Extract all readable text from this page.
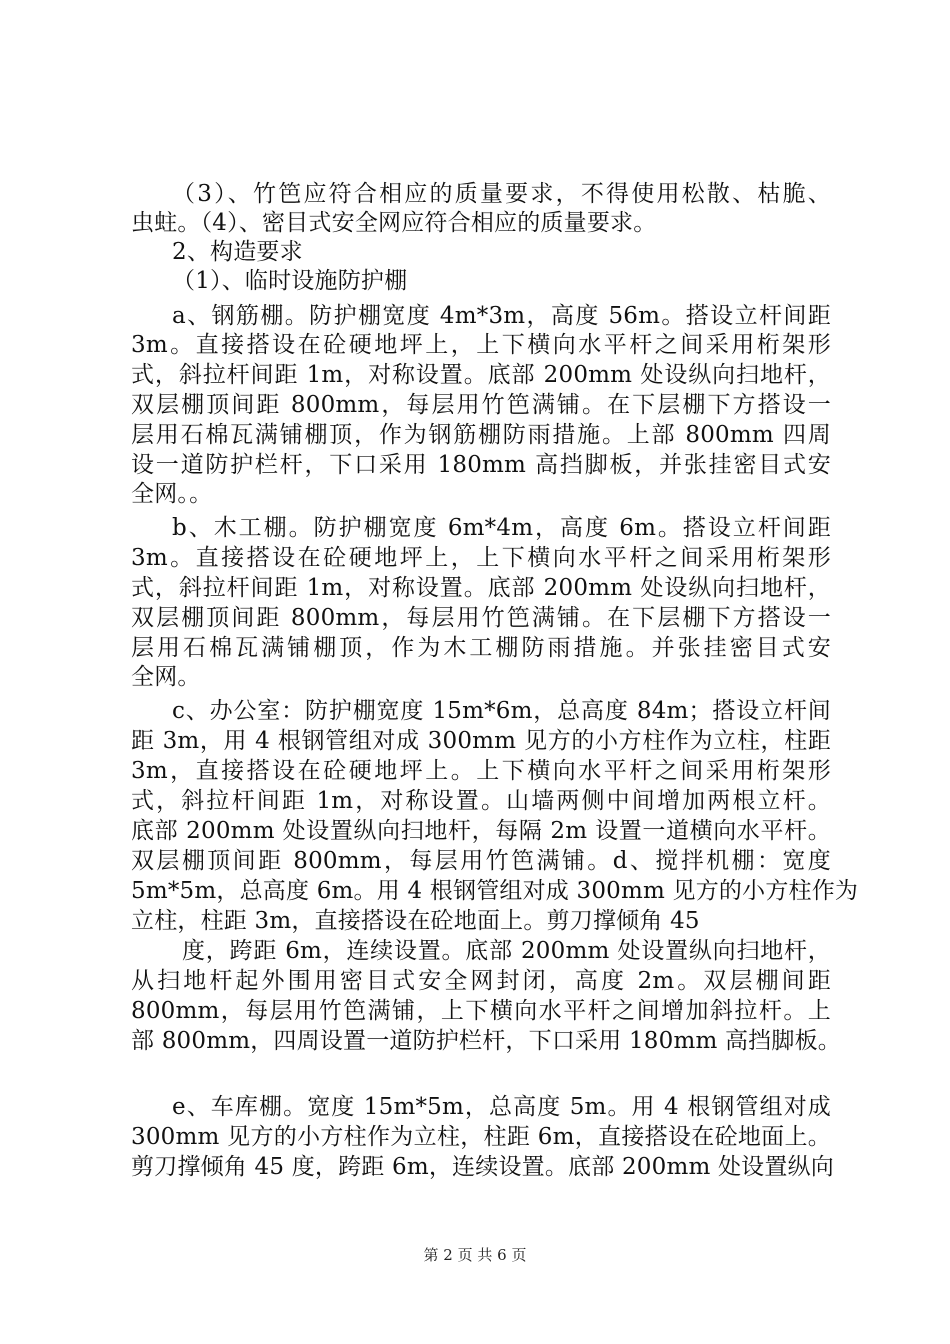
（3）、竹笆应符合相应的质量要求，不得使用松散、枯脆、
虫蛀。（4）、密目式安全网应符合相应的质量要求。
2、构造要求
（1）、临时设施防护棚
a、钢筋棚。防护棚宽度 4m*3m，高度 56m。搭设立杆间距
3m。直接搭设在砼硬地坪上，上下横向水平杆之间采用桁架形
式，斜拉杆间距 1m，对称设置。底部 200mm 处设纵向扫地杆，
双层棚顶间距 800mm，每层用竹笆满铺。在下层棚下方搭设一
层用石棉瓦满铺棚顶，作为钢筋棚防雨措施。上部 800mm 四周
设一道防护栏杆，下口采用 180mm 高挡脚板，并张挂密目式安
全网。。
b、木工棚。防护棚宽度 6m*4m，高度 6m。搭设立杆间距
3m。直接搭设在砼硬地坪上，上下横向水平杆之间采用桁架形
式，斜拉杆间距 1m，对称设置。底部 200mm 处设纵向扫地杆，
双层棚顶间距 800mm，每层用竹笆满铺。在下层棚下方搭设一
层用石棉瓦满铺棚顶，作为木工棚防雨措施。并张挂密目式安
全网。
c、办公室：防护棚宽度 15m*6m，总高度 84m；搭设立杆间
距 3m，用 4 根钢管组对成 300mm 见方的小方柱作为立柱，柱距
3m，直接搭设在砼硬地坪上。上下横向水平杆之间采用桁架形
式，斜拉杆间距 1m，对称设置。山墙两侧中间增加两根立杆。
底部 200mm 处设置纵向扫地杆，每隔 2m 设置一道横向水平杆。
双层棚顶间距 800mm，每层用竹笆满铺。d、搅拌机棚：宽度
5m*5m，总高度 6m。用 4 根钢管组对成 300mm 见方的小方柱作为
立柱，柱距 3m，直接搭设在砼地面上。剪刀撑倾角 45
度，跨距 6m，连续设置。底部 200mm 处设置纵向扫地杆，
从扫地杆起外围用密目式安全网封闭，高度 2m。双层棚间距
800mm，每层用竹笆满铺，上下横向水平杆之间增加斜拉杆。上
部 800mm，四周设置一道防护栏杆，下口采用 180mm 高挡脚板。
e、车库棚。宽度 15m*5m，总高度 5m。用 4 根钢管组对成
300mm 见方的小方柱作为立柱，柱距 6m，直接搭设在砼地面上。
剪刀撑倾角 45 度，跨距 6m，连续设置。底部 200mm 处设置纵向
第 2 页 共 6 页
